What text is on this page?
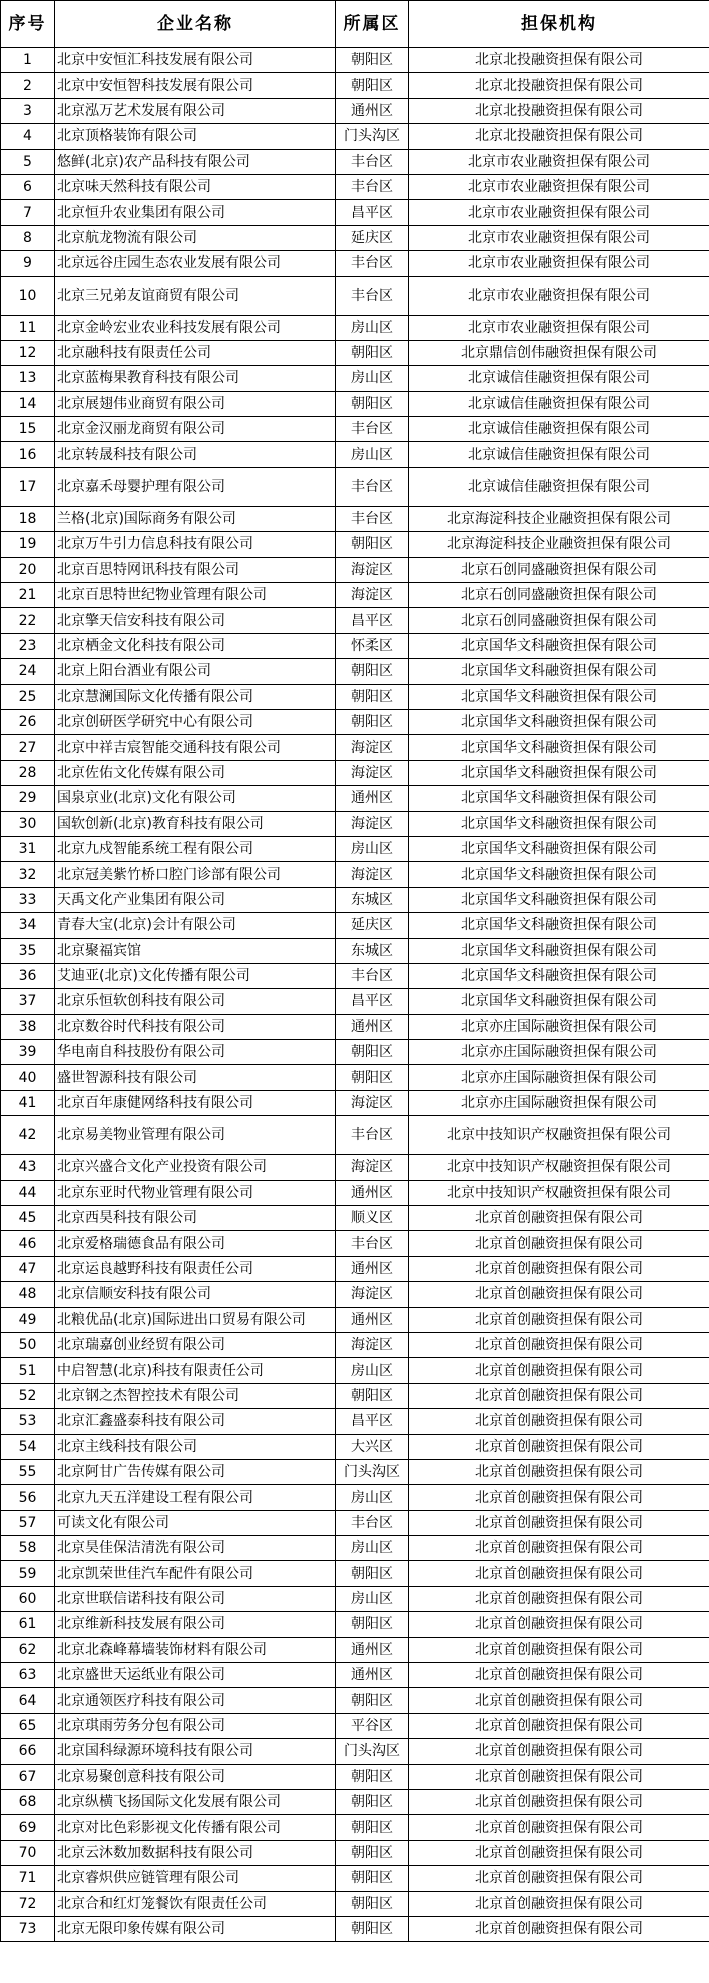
序号	企业名称	所属区	担保机构
1	北京中安恒汇科技发展有限公司	朝阳区	北京北投融资担保有限公司
2	北京中安恒智科技发展有限公司	朝阳区	北京北投融资担保有限公司
3	北京泓万艺术发展有限公司	通州区	北京北投融资担保有限公司
4	北京顶格装饰有限公司	门头沟区	北京北投融资担保有限公司
5	悠鲜(北京)农产品科技有限公司	丰台区	北京市农业融资担保有限公司
6	北京味天然科技有限公司	丰台区	北京市农业融资担保有限公司
7	北京恒升农业集团有限公司	昌平区	北京市农业融资担保有限公司
8	北京航龙物流有限公司	延庆区	北京市农业融资担保有限公司
9	北京远谷庄园生态农业发展有限公司	丰台区	北京市农业融资担保有限公司
10	北京三兄弟友谊商贸有限公司	丰台区	北京市农业融资担保有限公司
11	北京金岭宏业农业科技发展有限公司	房山区	北京市农业融资担保有限公司
12	北京融科技有限责任公司	朝阳区	北京鼎信创伟融资担保有限公司
13	北京蓝梅果教育科技有限公司	房山区	北京诚信佳融资担保有限公司
14	北京展翅伟业商贸有限公司	朝阳区	北京诚信佳融资担保有限公司
15	北京金汉丽龙商贸有限公司	丰台区	北京诚信佳融资担保有限公司
16	北京转晟科技有限公司	房山区	北京诚信佳融资担保有限公司
17	北京嘉禾母婴护理有限公司	丰台区	北京诚信佳融资担保有限公司
18	兰格(北京)国际商务有限公司	丰台区	北京海淀科技企业融资担保有限公司
19	北京万牛引力信息科技有限公司	朝阳区	北京海淀科技企业融资担保有限公司
20	北京百思特网讯科技有限公司	海淀区	北京石创同盛融资担保有限公司
21	北京百思特世纪物业管理有限公司	海淀区	北京石创同盛融资担保有限公司
22	北京擎天信安科技有限公司	昌平区	北京石创同盛融资担保有限公司
23	北京栖金文化科技有限公司	怀柔区	北京国华文科融资担保有限公司
24	北京上阳台酒业有限公司	朝阳区	北京国华文科融资担保有限公司
25	北京慧澜国际文化传播有限公司	朝阳区	北京国华文科融资担保有限公司
26	北京创研医学研究中心有限公司	朝阳区	北京国华文科融资担保有限公司
27	北京中祥吉宸智能交通科技有限公司	海淀区	北京国华文科融资担保有限公司
28	北京佐佑文化传媒有限公司	海淀区	北京国华文科融资担保有限公司
29	国泉京业(北京)文化有限公司	通州区	北京国华文科融资担保有限公司
30	国软创新(北京)教育科技有限公司	海淀区	北京国华文科融资担保有限公司
31	北京九戍智能系统工程有限公司	房山区	北京国华文科融资担保有限公司
32	北京冠美紫竹桥口腔门诊部有限公司	海淀区	北京国华文科融资担保有限公司
33	天禹文化产业集团有限公司	东城区	北京国华文科融资担保有限公司
34	青春大宝(北京)会计有限公司	延庆区	北京国华文科融资担保有限公司
35	北京聚福宾馆	东城区	北京国华文科融资担保有限公司
36	艾迪亚(北京)文化传播有限公司	丰台区	北京国华文科融资担保有限公司
37	北京乐恒软创科技有限公司	昌平区	北京国华文科融资担保有限公司
38	北京数谷时代科技有限公司	通州区	北京亦庄国际融资担保有限公司
39	华电南自科技股份有限公司	朝阳区	北京亦庄国际融资担保有限公司
40	盛世智源科技有限公司	朝阳区	北京亦庄国际融资担保有限公司
41	北京百年康健网络科技有限公司	海淀区	北京亦庄国际融资担保有限公司
42	北京易美物业管理有限公司	丰台区	北京中技知识产权融资担保有限公司
43	北京兴盛合文化产业投资有限公司	海淀区	北京中技知识产权融资担保有限公司
44	北京东亚时代物业管理有限公司	通州区	北京中技知识产权融资担保有限公司
45	北京西昊科技有限公司	顺义区	北京首创融资担保有限公司
46	北京爱格瑞德食品有限公司	丰台区	北京首创融资担保有限公司
47	北京运良越野科技有限责任公司	通州区	北京首创融资担保有限公司
48	北京信顺安科技有限公司	海淀区	北京首创融资担保有限公司
49	北粮优品(北京)国际进出口贸易有限公司	通州区	北京首创融资担保有限公司
50	北京瑞嘉创业经贸有限公司	海淀区	北京首创融资担保有限公司
51	中启智慧(北京)科技有限责任公司	房山区	北京首创融资担保有限公司
52	北京钢之杰智控技术有限公司	朝阳区	北京首创融资担保有限公司
53	北京汇鑫盛泰科技有限公司	昌平区	北京首创融资担保有限公司
54	北京主线科技有限公司	大兴区	北京首创融资担保有限公司
55	北京阿甘广告传媒有限公司	门头沟区	北京首创融资担保有限公司
56	北京九天五洋建设工程有限公司	房山区	北京首创融资担保有限公司
57	可读文化有限公司	丰台区	北京首创融资担保有限公司
58	北京昊佳保洁清洗有限公司	房山区	北京首创融资担保有限公司
59	北京凯荣世佳汽车配件有限公司	朝阳区	北京首创融资担保有限公司
60	北京世联信诺科技有限公司	房山区	北京首创融资担保有限公司
61	北京维新科技发展有限公司	朝阳区	北京首创融资担保有限公司
62	北京北森峰幕墙装饰材料有限公司	通州区	北京首创融资担保有限公司
63	北京盛世天运纸业有限公司	通州区	北京首创融资担保有限公司
64	北京通领医疗科技有限公司	朝阳区	北京首创融资担保有限公司
65	北京琪雨劳务分包有限公司	平谷区	北京首创融资担保有限公司
66	北京国科绿源环境科技有限公司	门头沟区	北京首创融资担保有限公司
67	北京易聚创意科技有限公司	朝阳区	北京首创融资担保有限公司
68	北京纵横飞扬国际文化发展有限公司	朝阳区	北京首创融资担保有限公司
69	北京对比色彩影视文化传播有限公司	朝阳区	北京首创融资担保有限公司
70	北京云沐数加数据科技有限公司	朝阳区	北京首创融资担保有限公司
71	北京睿炽供应链管理有限公司	朝阳区	北京首创融资担保有限公司
72	北京合和红灯笼餐饮有限责任公司	朝阳区	北京首创融资担保有限公司
73	北京无限印象传媒有限公司	朝阳区	北京首创融资担保有限公司
